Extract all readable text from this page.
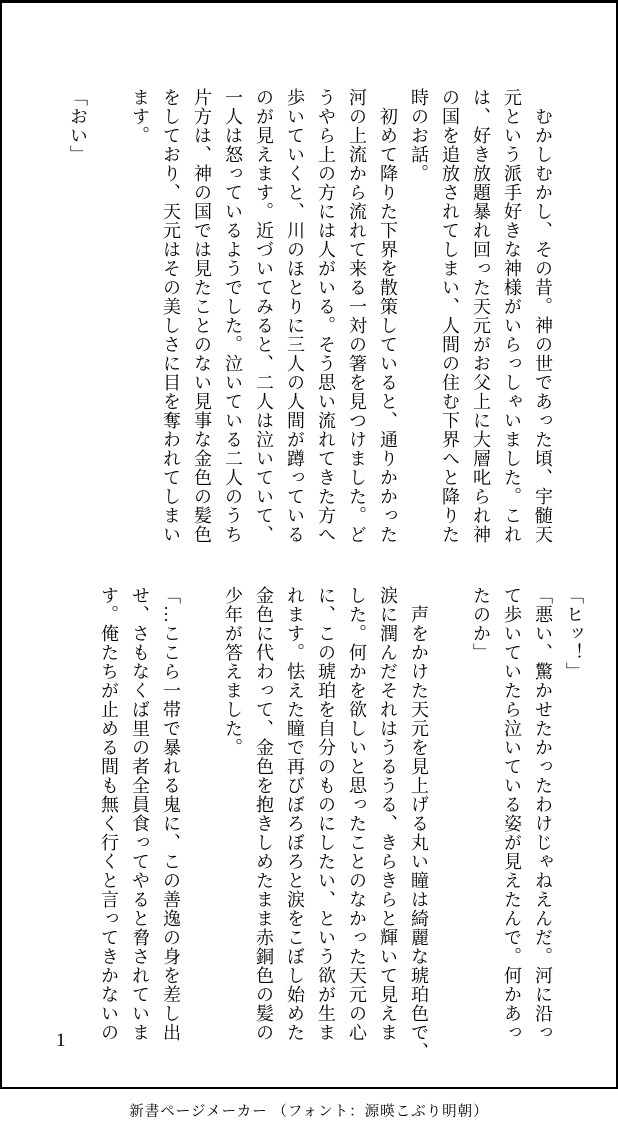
　むかしむかし、その昔。神の世であった頃、宇髄天
元という派手好きな神様がいらっしゃいました。これ
は、好き放題暴れ回った天元がお父上に大層叱られ神
の国を追放されてしまい、人間の住む下界へと降りた
時のお話。
　初めて降りた下界を散策していると、通りかかった
河の上流から流れて来る一対の箸を見つけました。ど
うやら上の方には人がいる。そう思い流れてきた方へ
歩いていくと、川のほとりに三人の人間が蹲っている
のが見えます。近づいてみると、二人は泣いていて、
一人は怒っているようでした。泣いている二人のうち
片方は、神の国では見たことのない見事な金色の髪色
をしており、天元はその美しさに目を奪われてしまい
ます。

「おい」
「ヒッ！」
「悪い、驚かせたかったわけじゃねえんだ。河に沿っ
て歩いていたら泣いている姿が見えたんで。何かあっ
たのか」

　声をかけた天元を見上げる丸い瞳は綺麗な琥珀色で、
涙に潤んだそれはうるうる、きらきらと輝いて見えま
した。何かを欲しいと思ったことのなかった天元の心
に、この琥珀を自分のものにしたい、という欲が生ま
れます。怯えた瞳で再びぼろぼろと涙をこぼし始めた
金色に代わって、金色を抱きしめたまま赤銅色の髪の
少年が答えました。

「…ここら一帯で暴れる鬼に、この善逸の身を差し出
せ、さもなくば里の者全員食ってやると脅されていま
す。俺たちが止める間も無く行くと言ってきかないの
1
新書ページメーカー （フォント：源暎こぶり明朝）
